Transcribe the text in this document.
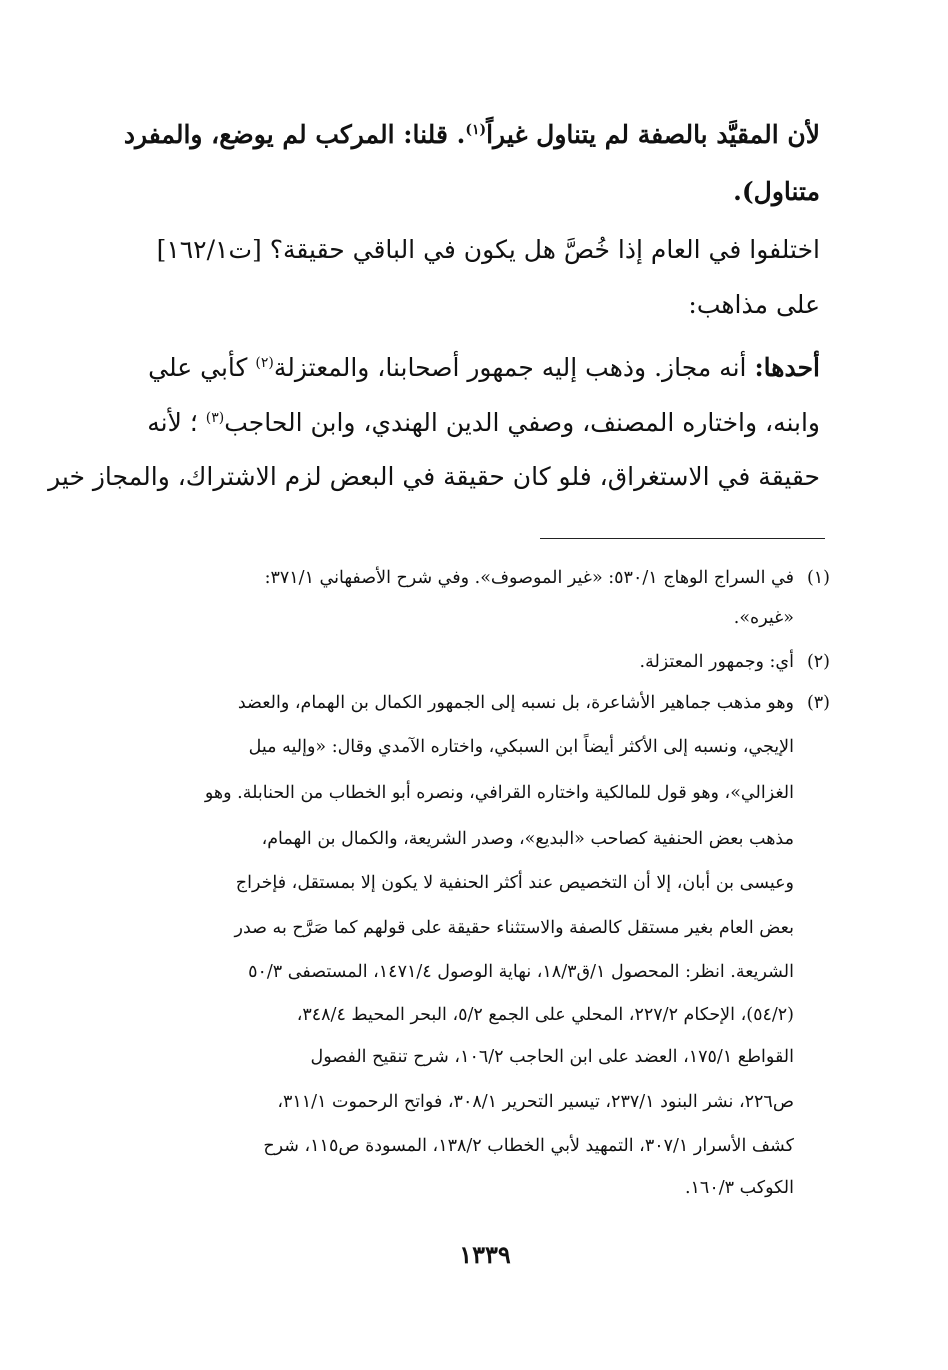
لأن المقيَّد بالصفة لم يتناول غيراً$^{(١)}$. قلنا: المركب لم يوضع، والمفرد
متناول).
اختلفوا في العام إذا خُصَّ هل يكون في الباقي حقيقة؟ [ت١٦٢/١]
على مذاهب:
أحدها: أنه مجاز. وذهب إليه جمهور أصحابنا، والمعتزلة$^{(٢)}$ كأبي علي
وابنه، واختاره المصنف، وصفي الدين الهندي، وابن الحاجب$^{(٣)}$ ؛ لأنه
حقيقة في الاستغراق، فلو كان حقيقة في البعض لزم الاشتراك، والمجاز خير
(١)في السراج الوهاج ٥٣٠/١: «غير الموصوف». وفي شرح الأصفهاني ٣٧١/١:
«غيره».
(٢)أي: وجمهور المعتزلة.
(٣)وهو مذهب جماهير الأشاعرة، بل نسبه إلى الجمهور الكمال بن الهمام، والعضد
الإيجي، ونسبه إلى الأكثر أيضاً ابن السبكي، واختاره الآمدي وقال: «وإليه ميل
الغزالي»، وهو قول للمالكية واختاره القرافي، ونصره أبو الخطاب من الحنابلة. وهو
مذهب بعض الحنفية كصاحب «البديع»، وصدر الشريعة، والكمال بن الهمام،
وعيسى بن أبان، إلا أن التخصيص عند أكثر الحنفية لا يكون إلا بمستقل، فإخراج
بعض العام بغير مستقل كالصفة والاستثناء حقيقة على قولهم كما صَرَّح به صدر
الشريعة. انظر: المحصول ١/ق١٨/٣، نهاية الوصول ١٤٧١/٤، المستصفى ٥٠/٣
(٥٤/٢)، الإحكام ٢٢٧/٢، المحلي على الجمع ٥/٢، البحر المحيط ٣٤٨/٤،
القواطع ١٧٥/١، العضد على ابن الحاجب ١٠٦/٢، شرح تنقيح الفصول
ص٢٢٦، نشر البنود ٢٣٧/١، تيسير التحرير ٣٠٨/١، فواتح الرحموت ٣١١/١،
كشف الأسرار ٣٠٧/١، التمهيد لأبي الخطاب ١٣٨/٢، المسودة ص١١٥، شرح
الكوكب ١٦٠/٣.
١٣٣٩
